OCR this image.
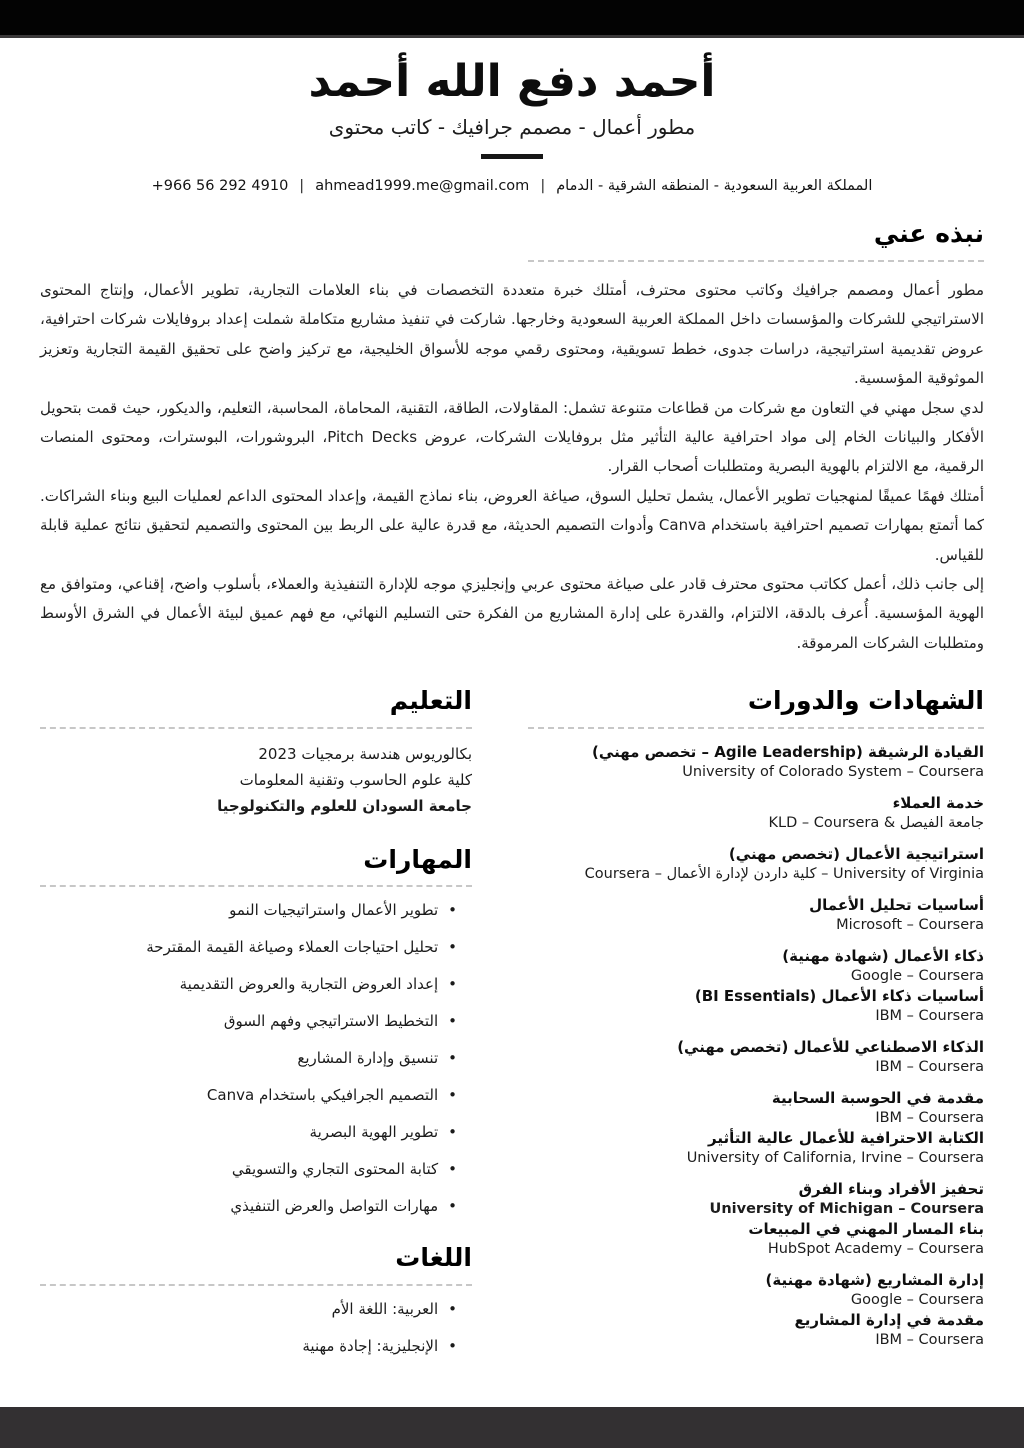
أحمد دفع الله أحمد
مطور أعمال - مصمم جرافيك - كاتب محتوى
المملكة العربية السعودية - المنطقه الشرقية - الدمام
|
ahmead1999.me@gmail.com
|
+966 56 292 4910
نبذه عني

مطور أعمال ومصمم جرافيك وكاتب محتوى محترف، أمتلك خبرة متعددة التخصصات في بناء العلامات التجارية، تطوير الأعمال، وإنتاج المحتوى الاستراتيجي للشركات والمؤسسات داخل المملكة العربية السعودية وخارجها. شاركت في تنفيذ مشاريع متكاملة شملت إعداد بروفايلات شركات احترافية، عروض تقديمية استراتيجية، دراسات جدوى، خطط تسويقية، ومحتوى رقمي موجه للأسواق الخليجية، مع تركيز واضح على تحقيق القيمة التجارية وتعزيز الموثوقية المؤسسية.

لدي سجل مهني في التعاون مع شركات من قطاعات متنوعة تشمل: المقاولات، الطاقة، التقنية، المحاماة، المحاسبة، التعليم، والديكور، حيث قمت بتحويل الأفكار والبيانات الخام إلى مواد احترافية عالية التأثير مثل بروفايلات الشركات، عروض Pitch Decks، البروشورات، البوسترات، ومحتوى المنصات الرقمية، مع الالتزام بالهوية البصرية ومتطلبات أصحاب القرار.

أمتلك فهمًا عميقًا لمنهجيات تطوير الأعمال، يشمل تحليل السوق، صياغة العروض، بناء نماذج القيمة، وإعداد المحتوى الداعم لعمليات البيع وبناء الشراكات. كما أتمتع بمهارات تصميم احترافية باستخدام Canva وأدوات التصميم الحديثة، مع قدرة عالية على الربط بين المحتوى والتصميم لتحقيق نتائج عملية قابلة للقياس.

إلى جانب ذلك، أعمل ككاتب محتوى محترف قادر على صياغة محتوى عربي وإنجليزي موجه للإدارة التنفيذية والعملاء، بأسلوب واضح، إقناعي، ومتوافق مع الهوية المؤسسية. أُعرف بالدقة، الالتزام، والقدرة على إدارة المشاريع من الفكرة حتى التسليم النهائي، مع فهم عميق لبيئة الأعمال في الشرق الأوسط ومتطلبات الشركات المرموقة.

الشهادات والدورات
القيادة الرشيقة (Agile Leadership – تخصص مهني)
University of Colorado System – Coursera
خدمة العملاء
جامعة الفيصل & KLD – Coursera
استراتيجية الأعمال (تخصص مهني)
University of Virginia – كلية داردن لإدارة الأعمال – Coursera
أساسيات تحليل الأعمال
Microsoft – Coursera
ذكاء الأعمال (شهادة مهنية)
Google – Coursera
أساسيات ذكاء الأعمال (BI Essentials)
IBM – Coursera
الذكاء الاصطناعي للأعمال (تخصص مهني)
IBM – Coursera
مقدمة في الحوسبة السحابية
IBM – Coursera
الكتابة الاحترافية للأعمال عالية التأثير
University of California, Irvine – Coursera
تحفيز الأفراد وبناء الفرق
University of Michigan – Coursera
بناء المسار المهني في المبيعات
HubSpot Academy – Coursera
إدارة المشاريع (شهادة مهنية)
Google – Coursera
مقدمة في إدارة المشاريع
IBM – Coursera
التعليم
بكالوريوس هندسة برمجيات 2023
كلية علوم الحاسوب وتقنية المعلومات
جامعة السودان للعلوم والتكنولوجيا
المهارات
•
تطوير الأعمال واستراتيجيات النمو
•
تحليل احتياجات العملاء وصياغة القيمة المقترحة
•
إعداد العروض التجارية والعروض التقديمية
•
التخطيط الاستراتيجي وفهم السوق
•
تنسيق وإدارة المشاريع
•
التصميم الجرافيكي باستخدام Canva
•
تطوير الهوية البصرية
•
كتابة المحتوى التجاري والتسويقي
•
مهارات التواصل والعرض التنفيذي
اللغات
•
العربية: اللغة الأم
•
الإنجليزية: إجادة مهنية
